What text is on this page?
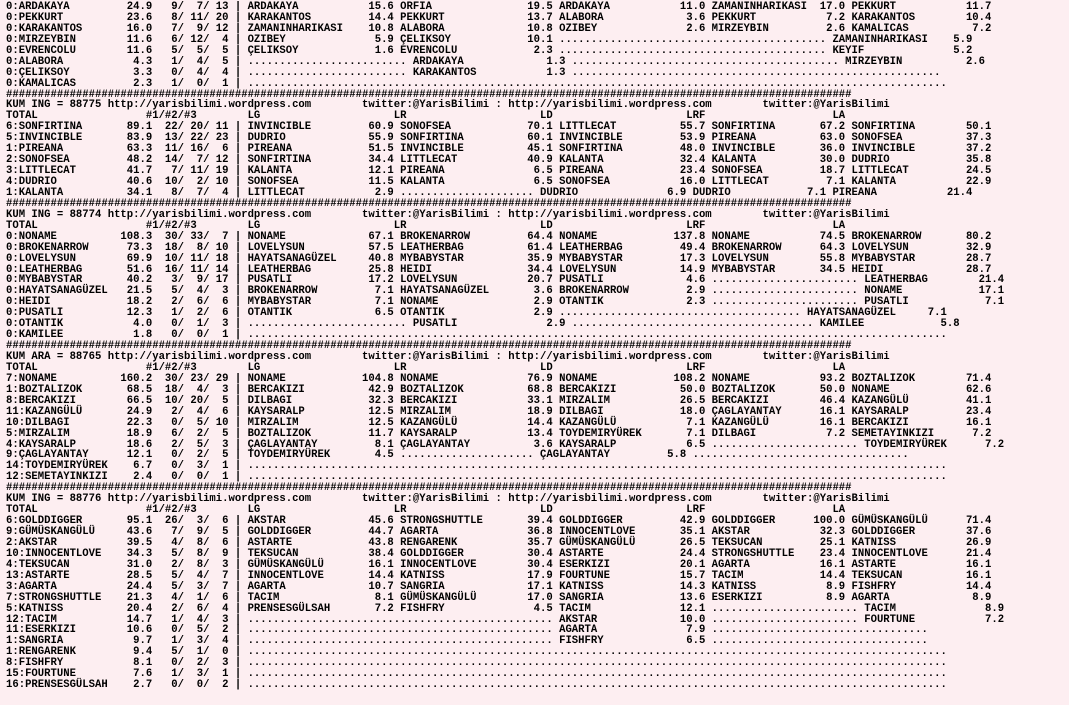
0:ARDAKAYA         24.9   9/  7/ 13 | ARDAKAYA           15.6 ORFIA               19.5 ARDAKAYA           11.0 ZAMANINHARIKASI  17.0 PEKKURT           11.7
0:PEKKURT          23.6   8/ 11/ 20 | KARAKANTOS         14.4 PEKKURT             13.7 ALABORA             3.6 PEKKURT           7.2 KARAKANTOS        10.4
0:KARAKANTOS       16.0   7/  9/ 12 | ZAMANINHARIKASI    10.8 ALABORA             10.8 OZIBEY              2.6 MIRZEYBIN         2.6 KAMALICAS          7.2
0:MIRZEYBIN        11.6   6/ 12/  4 | OZIBEY              5.9 ÇELIKSOY            10.1 .......................................... ZAMANINHARIKASI    5.9
0:EVRENCOLU        11.6   5/  5/  5 | ÇELIKSOY            1.6 EVRENCOLU            2.3 .......................................... KEYIF              5.2
0:ALABORA           4.3   1/  4/  5 | ......................... ARDAKAYA             1.3 .......................................... MIRZEYBIN          2.6
0:ÇELIKSOY          3.3   0/  4/  4 | ......................... KARAKANTOS           1.3 ..........................................................
0:KAMALICAS         2.3   1/  0/  1 | ..............................................................................................................
#####################################################################################################################################
KUM ING = 88775 http://yarisbilimi.wordpress.com        twitter:@YarisBilimi : http://yarisbilimi.wordpress.com        twitter:@YarisBilimi
TOTAL                 #1/#2/#3        LG                     LR                     LD                     LRF                    LA
6:SONFIRTINA       89.1  22/ 20/ 11 | INVINCIBLE         60.9 SONOFSEA            70.1 LITTLECAT          55.7 SONFIRTINA       67.2 SONFIRTINA        50.1
5:INVINCIBLE       83.9  13/ 22/ 23 | DUDRIO             55.9 SONFIRTINA          60.1 INVINCIBLE         53.9 PIREANA          63.0 SONOFSEA          37.3
1:PIREANA          63.3  11/ 16/  6 | PIREANA            51.5 INVINCIBLE          45.1 SONFIRTINA         48.0 INVINCIBLE       36.0 INVINCIBLE        37.2
2:SONOFSEA         48.2  14/  7/ 12 | SONFIRTINA         34.4 LITTLECAT           40.9 KALANTA            32.4 KALANTA          30.0 DUDRIO            35.8
3:LITTLECAT        41.7   7/ 11/ 19 | KALANTA            12.1 PIREANA              6.5 PIREANA            23.4 SONOFSEA         18.7 LITTLECAT         24.5
4:DUDRIO           40.6  10/  2/ 10 | SONOFSEA           11.5 KALANTA              6.5 SONOFSEA           16.0 LITTLECAT         7.1 KALANTA           22.9
1:KALANTA          34.1   8/  7/  4 | LITTLECAT           2.9 ..................... DUDRIO              6.9 DUDRIO            7.1 PIREANA           21.4
#####################################################################################################################################
KUM ING = 88774 http://yarisbilimi.wordpress.com        twitter:@YarisBilimi : http://yarisbilimi.wordpress.com        twitter:@YarisBilimi
TOTAL                 #1/#2/#3        LG                     LR                     LD                     LRF                    LA
0:NONAME          108.3  30/ 33/  7 | NONAME             67.1 BROKENARROW         64.4 NONAME            137.8 NONAME           74.5 BROKENARROW       80.2
0:BROKENARROW      73.3  18/  8/ 10 | LOVELYSUN          57.5 LEATHERBAG          61.4 LEATHERBAG         49.4 BROKENARROW      64.3 LOVELYSUN         32.9
0:LOVELYSUN        69.9  10/ 11/ 18 | HAYATSANAGÜZEL     40.8 MYBABYSTAR          35.9 MYBABYSTAR         17.3 LOVELYSUN        55.8 MYBABYSTAR        28.7
0:LEATHERBAG       51.6  16/ 11/ 14 | LEATHERBAG         25.8 HEIDI               34.4 LOVELYSUN          14.9 MYBABYSTAR       34.5 HEIDI             28.7
0:MYBABYSTAR       40.2   3/  9/ 17 | PUSATLI            17.2 LOVELYSUN           20.7 PUSATLI             4.6 ....................... LEATHERBAG        21.4
0:HAYATSANAGÜZEL   21.5   5/  4/  3 | BROKENARROW         7.1 HAYATSANAGÜZEL       3.6 BROKENARROW         2.9 ....................... NONAME            17.1
0:HEIDI            18.2   2/  6/  6 | MYBABYSTAR          7.1 NONAME               2.9 OTANTIK             2.3 ....................... PUSATLI            7.1
0:PUSATLI          12.3   1/  2/  6 | OTANTIK             6.5 OTANTIK              2.9 ...................................... HAYATSANAGÜZEL     7.1
0:OTANTIK           4.0   0/  1/  3 | ......................... PUSATLI              2.9 ...................................... KAMILEE            5.8
0:KAMILEE           1.8   0/  0/  1 | ..............................................................................................................
#####################################################################################################################################
KUM ARA = 88765 http://yarisbilimi.wordpress.com        twitter:@YarisBilimi : http://yarisbilimi.wordpress.com        twitter:@YarisBilimi
TOTAL                 #1/#2/#3        LG                     LR                     LD                     LRF                    LA
7:NONAME          160.2  30/ 23/ 29 | NONAME            104.8 NONAME              76.9 NONAME            108.2 NONAME           93.2 BOZTALIZOK        71.4
1:BOZTALIZOK       68.5  18/  4/  3 | BERCAKIZI          42.9 BOZTALIZOK          68.8 BERCAKIZI          50.0 BOZTALIZOK       50.0 NONAME            62.6
8:BERCAKIZI        66.5  10/ 20/  5 | DILBAGI            32.3 BERCAKIZI           33.1 MIRZALIM           26.5 BERCAKIZI        46.4 KAZANGÜLÜ         41.1
11:KAZANGÜLÜ       24.9   2/  4/  6 | KAYSARALP          12.5 MIRZALIM            18.9 DILBAGI            18.0 ÇAGLAYANTAY      16.1 KAYSARALP         23.4
10:DILBAGI         22.3   0/  5/ 10 | MIRZALIM           12.5 KAZANGÜLÜ           14.4 KAZANGÜLÜ           7.1 KAZANGÜLÜ        16.1 BERCAKIZI         16.1
5:MIRZALIM         18.9   6/  2/  5 | BOZTALIZOK         11.7 KAYSARALP           13.4 TOYDEMIRYÜREK       7.1 DILBAGI           7.2 SEMETAYINKIZI      7.2
4:KAYSARALP        18.6   2/  5/  3 | ÇAGLAYANTAY         8.1 ÇAGLAYANTAY          3.6 KAYSARALP           6.5 ....................... TOYDEMIRYÜREK      7.2
9:ÇAGLAYANTAY      12.1   0/  2/  5 | TOYDEMIRYÜREK       4.5 ..................... ÇAGLAYANTAY         5.8 ..................................
14:TOYDEMIRYÜREK    6.7   0/  3/  1 | ..............................................................................................................
12:SEMETAYINKIZI    2.4   0/  0/  1 | ..............................................................................................................
#####################################################################################################################################
KUM ING = 88776 http://yarisbilimi.wordpress.com        twitter:@YarisBilimi : http://yarisbilimi.wordpress.com        twitter:@YarisBilimi
TOTAL                 #1/#2/#3        LG                     LR                     LD                     LRF                    LA
6:GOLDDIGGER       95.1  26/  3/  6 | AKSTAR             45.6 STRONGSHUTTLE       39.4 GOLDDIGGER         42.9 GOLDDIGGER      100.0 GÜMÜSKANGÜLÜ      71.4
9:GÜMÜSKANGÜLÜ     43.6   7/  9/  5 | GOLDDIGGER         44.7 AGARTA              36.8 INNOCENTLOVE       35.1 AKSTAR           32.3 GOLDDIGGER        37.6
2:AKSTAR           39.5   4/  8/  6 | ASTARTE            43.8 RENGARENK           35.7 GÜMÜSKANGÜLÜ       26.5 TEKSUCAN         25.1 KATNISS           26.9
10:INNOCENTLOVE    34.3   5/  8/  9 | TEKSUCAN           38.4 GOLDDIGGER          30.4 ASTARTE            24.4 STRONGSHUTTLE    23.4 INNOCENTLOVE      21.4
4:TEKSUCAN         31.0   2/  8/  3 | GÜMÜSKANGÜLÜ       16.1 INNOCENTLOVE        30.4 ESERKIZI           20.1 AGARTA           16.1 ASTARTE           16.1
13:ASTARTE         28.5   5/  4/  7 | INNOCENTLOVE       14.4 KATNISS             17.9 FOURTUNE           15.7 TACIM            14.4 TEKSUCAN          16.1
3:AGARTA           24.4   5/  3/  7 | AGARTA             10.7 SANGRIA             17.1 KATNISS            14.3 KATNISS           8.9 FISHFRY           14.4
7:STRONGSHUTTLE    21.3   4/  1/  6 | TACIM               8.1 GÜMÜSKANGÜLÜ        17.0 SANGRIA            13.6 ESERKIZI          8.9 AGARTA             8.9
5:KATNISS          20.4   2/  6/  4 | PRENSESGÜLSAH       7.2 FISHFRY              4.5 TACIM              12.1 ....................... TACIM              8.9
12:TACIM           14.7   1/  4/  3 | ................................................ AKSTAR             10.0 ....................... FOURTUNE           7.2
11:ESERKIZI        10.6   0/  5/  2 | ................................................ AGARTA              7.9 ..................................
1:SANGRIA           9.7   1/  3/  4 | ................................................ FISHFRY             6.5 ..................................
1:RENGARENK         9.4   5/  1/  0 | ..............................................................................................................
8:FISHFRY           8.1   0/  2/  3 | ..............................................................................................................
15:FOURTUNE         7.6   1/  3/  1 | ..............................................................................................................
16:PRENSESGÜLSAH    2.7   0/  0/  2 | ..............................................................................................................
